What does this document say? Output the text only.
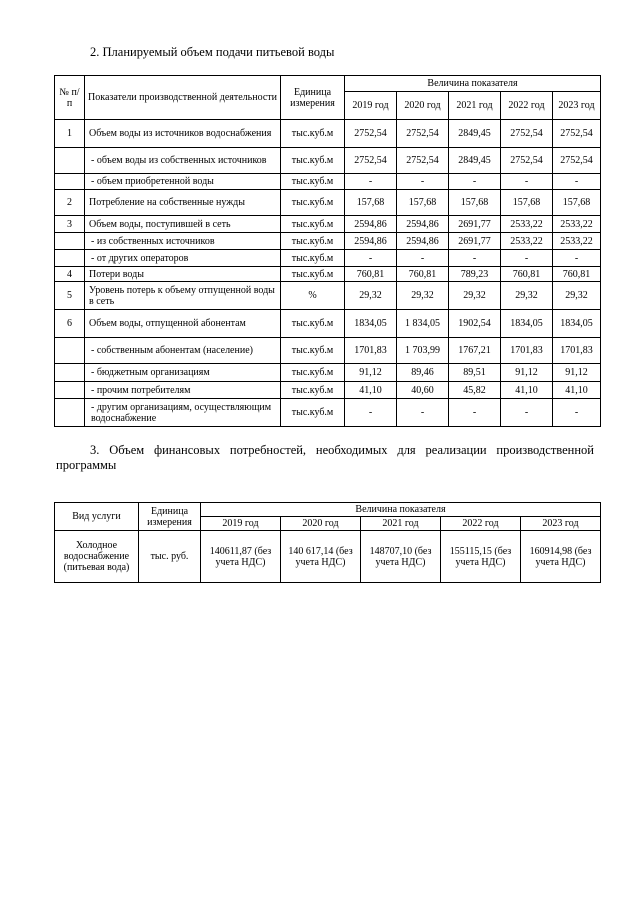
2. Планируемый объем подачи питьевой воды
№ п/п	Показатели производственной деятельности	Единица измерения	Величина показателя				
			2019 год	2020 год	2021 год	2022 год	2023 год
1	Объем воды из источников водоснабжения	тыс.куб.м	2752,54	2752,54	2849,45	2752,54	2752,54
	- объем воды из собственных источников	тыс.куб.м	2752,54	2752,54	2849,45	2752,54	2752,54
	- объем приобретенной воды	тыс.куб.м	-	-	-	-	-
2	Потребление на собственные нужды	тыс.куб.м	157,68	157,68	157,68	157,68	157,68
3	Объем воды, поступившей в сеть	тыс.куб.м	2594,86	2594,86	2691,77	2533,22	2533,22
	- из собственных источников	тыс.куб.м	2594,86	2594,86	2691,77	2533,22	2533,22
	- от других операторов	тыс.куб.м	-	-	-	-	-
4	Потери воды	тыс.куб.м	760,81	760,81	789,23	760,81	760,81
5	Уровень потерь к объему отпущенной воды в сеть	%	29,32	29,32	29,32	29,32	29,32
6	Объем воды, отпущенной абонентам	тыс.куб.м	1834,05	1 834,05	1902,54	1834,05	1834,05
	- собственным абонентам (население)	тыс.куб.м	1701,83	1 703,99	1767,21	1701,83	1701,83
	- бюджетным организациям	тыс.куб.м	91,12	89,46	89,51	91,12	91,12
	- прочим потребителям	тыс.куб.м	41,10	40,60	45,82	41,10	41,10
	- другим организациям, осуществляющим водоснабжение	тыс.куб.м	-	-	-	-	-
3. Объем финансовых потребностей, необходимых для реализации производственной
программы
Вид услуги	Единица измерения	Величина показателя				
		2019 год	2020 год	2021 год	2022 год	2023 год
Холодное водоснабжение (питьевая вода)	тыс. руб.	140611,87 (без учета НДС)	140 617,14 (без учета НДС)	148707,10 (без учета НДС)	155115,15 (без учета НДС)	160914,98 (без учета НДС)
